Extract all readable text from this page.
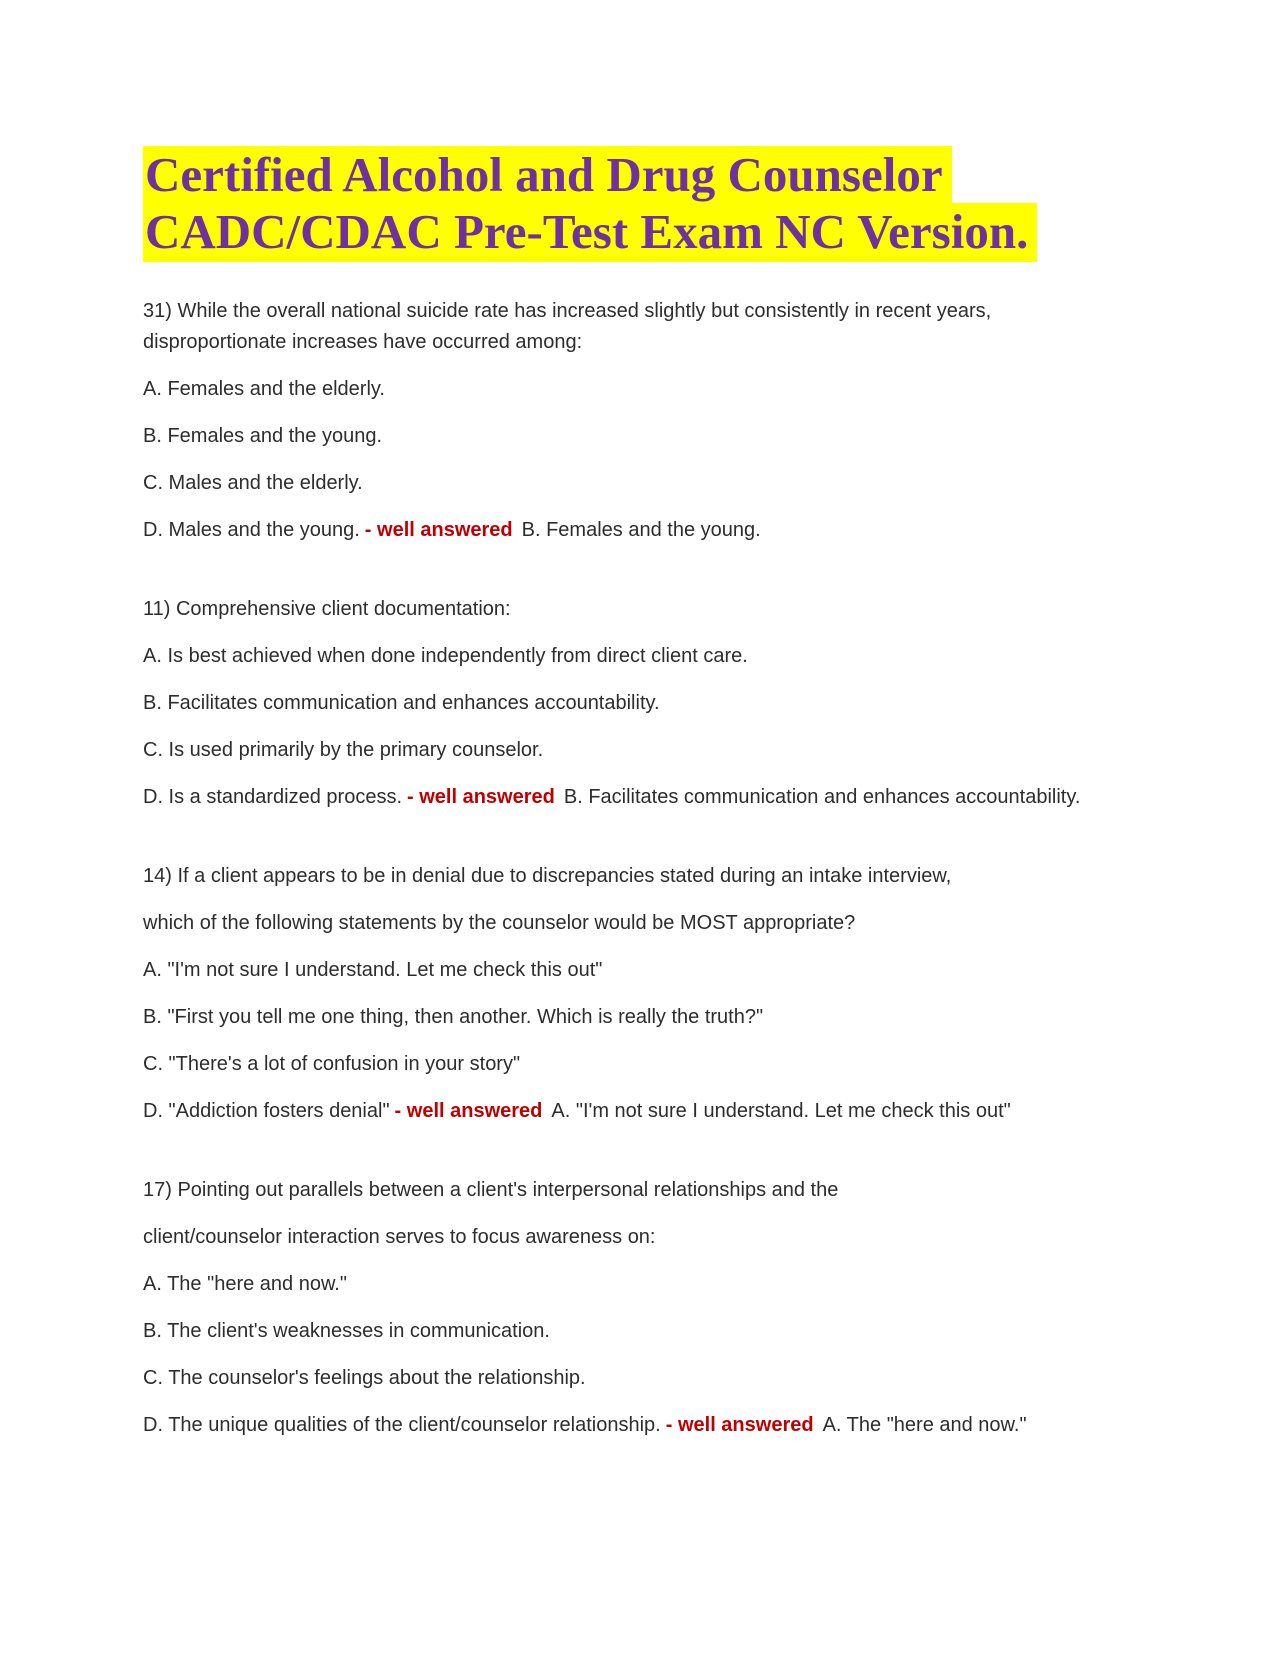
Certified Alcohol and Drug Counselor
CADC/CDAC Pre-Test Exam NC Version.

31) While the overall national suicide rate has increased slightly but consistently in recent years,

disproportionate increases have occurred among:

A. Females and the elderly.

B. Females and the young.

C. Males and the elderly.

D. Males and the young. - well answered B. Females and the young.

11) Comprehensive client documentation:

A. Is best achieved when done independently from direct client care.

B. Facilitates communication and enhances accountability.

C. Is used primarily by the primary counselor.

D. Is a standardized process. - well answered B. Facilitates communication and enhances accountability.

14) If a client appears to be in denial due to discrepancies stated during an intake interview,

which of the following statements by the counselor would be MOST appropriate?

A. "I'm not sure I understand. Let me check this out"

B. "First you tell me one thing, then another. Which is really the truth?"

C. "There's a lot of confusion in your story"

D. "Addiction fosters denial" - well answered A. "I'm not sure I understand. Let me check this out"

17) Pointing out parallels between a client's interpersonal relationships and the

client/counselor interaction serves to focus awareness on:

A. The "here and now."

B. The client's weaknesses in communication.

C. The counselor's feelings about the relationship.

D. The unique qualities of the client/counselor relationship. - well answered A. The "here and now."
